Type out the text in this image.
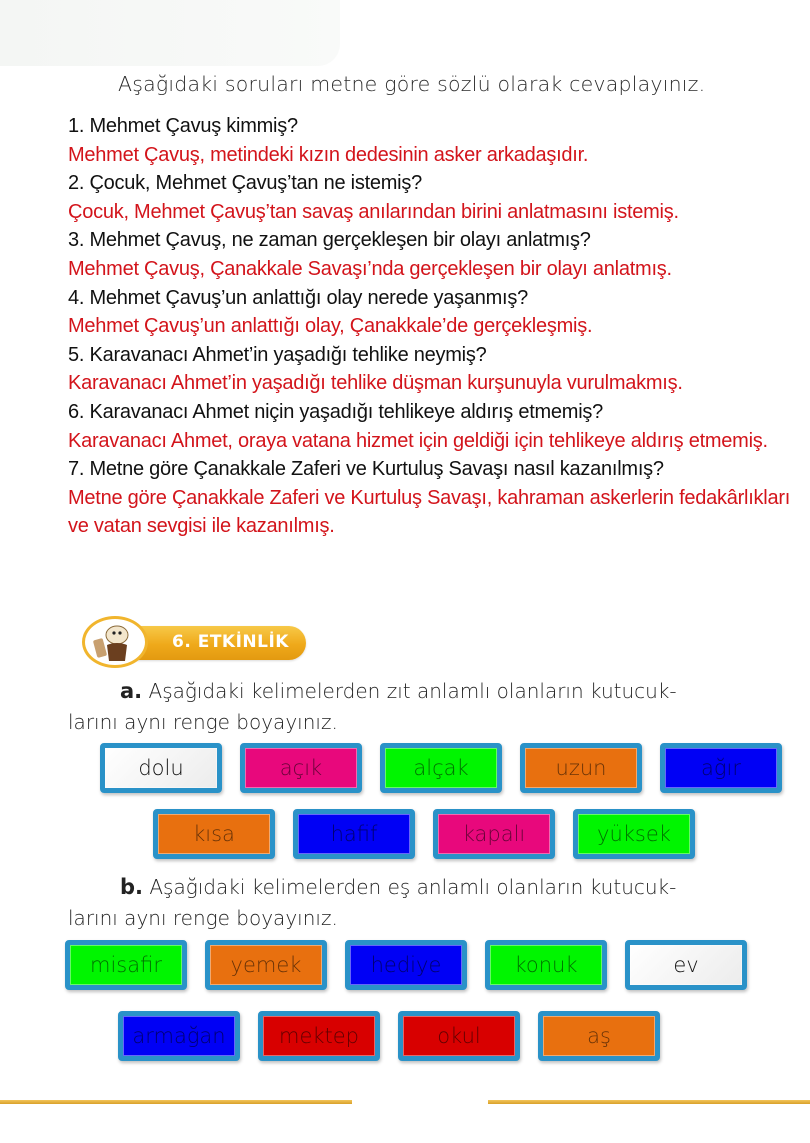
Aşağıdaki soruları metne göre sözlü olarak cevaplayınız.
1. Mehmet Çavuş kimmiş?
Mehmet Çavuş, metindeki kızın dedesinin asker arkadaşıdır.
2. Çocuk, Mehmet Çavuş’tan ne istemiş?
Çocuk, Mehmet Çavuş’tan savaş anılarından birini anlatmasını istemiş.
3. Mehmet Çavuş, ne zaman gerçekleşen bir olayı anlatmış?
Mehmet Çavuş, Çanakkale Savaşı’nda gerçekleşen bir olayı anlatmış.
4. Mehmet Çavuş’un anlattığı olay nerede yaşanmış?
Mehmet Çavuş’un anlattığı olay, Çanakkale’de gerçekleşmiş.
5. Karavanacı Ahmet’in yaşadığı tehlike neymiş?
Karavanacı Ahmet’in yaşadığı tehlike düşman kurşunuyla vurulmakmış.
6. Karavanacı Ahmet niçin yaşadığı tehlikeye aldırış etmemiş?
Karavanacı Ahmet, oraya vatana hizmet için geldiği için tehlikeye aldırış etmemiş.
7. Metne göre Çanakkale Zaferi ve Kurtuluş Savaşı nasıl kazanılmış?
Metne göre Çanakkale Zaferi ve Kurtuluş Savaşı, kahraman askerlerin fedakârlıkları ve vatan sevgisi ile kazanılmış.
6. ETKİNLİK
a. Aşağıdaki kelimelerden zıt anlamlı olanların kutucuk-
larını aynı renge boyayınız.
dolu	açık	alçak	uzun	ağır
kısa	hafif	kapalı	yüksek
b. Aşağıdaki kelimelerden eş anlamlı olanların kutucuk-
larını aynı renge boyayınız.
misafir	yemek	hediye	konuk	ev
armağan	mektep	okul	aş
